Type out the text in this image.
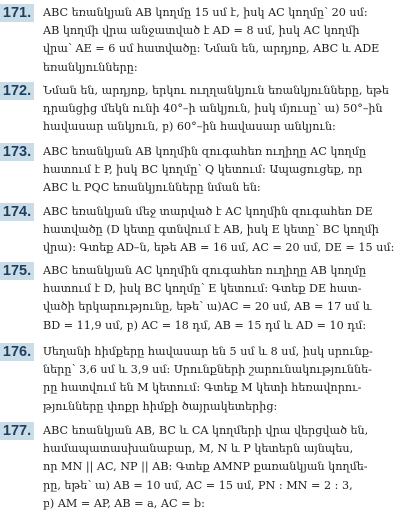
171. ABC եռանկյան AB կողմը 15 սմ է, իսկ AC կողմը՝ 20 սմ:

AB կողմի վրա անջատված է AD = 8 սմ, իսկ AC կողմի

վրա՝ AE = 6 սմ հատվածը: Նման են, արդյոք, ABC և ADE

եռանկյունները:

172. Նման են, արդյոք, երկու ուղղանկյուն եռանկյունները, եթե

դրանցից մեկն ունի 40°–ի անկյուն, իսկ մյուսը՝ ա) 50°–ին

հավասար անկյուն, բ) 60°–ին հավասար անկյուն:

173. ABC եռանկյան AB կողմին զուգահեռ ուղիղը AC կողմը

հատում է P, իսկ BC կողմը՝ Q կետում: Ապացուցեք, որ

ABC և PQC եռանկյունները նման են:

174. ABC եռանկյան մեջ տարված է AC կողմին զուգահեռ DE

հատվածը (D կետը գտնվում է AB, իսկ E կետը՝ BC կողմի

վրա): Գտեք AD–ն, եթե AB = 16 սմ, AC = 20 սմ, DE = 15 սմ:

175. ABC եռանկյան AC կողմին զուգահեռ ուղիղը AB կողմը

հատում է D, իսկ BC կողմը՝ E կետում: Գտեք DE հատ-

վածի երկարությունը, եթե՝ ա)AC = 20 սմ, AB = 17 սմ և

BD = 11,9 սմ, բ) AC = 18 դմ, AB = 15 դմ և AD = 10 դմ:

176. Սեղանի հիմքերը հավասար են 5 սմ և 8 սմ, իսկ սրունք-

ները՝ 3,6 սմ և 3,9 սմ: Սրունքների շարունակություննե-

րը հատվում են M կետում: Գտեք M կետի հեռավորու-

թյունները փոքր հիմքի ծայրակետերից:

177. ABC եռանկյան AB, BC և CA կողմերի վրա վերցված են,

համապատասխանաբար, M, N և P կետերն այնպես,

որ MN || AC, NP || AB: Գտեք AMNP քառանկյան կողմե-

րը, եթե՝ ա) AB = 10 սմ, AC = 15 սմ, PN : MN = 2 : 3,

բ) AM = AP, AB = a, AC = b:
